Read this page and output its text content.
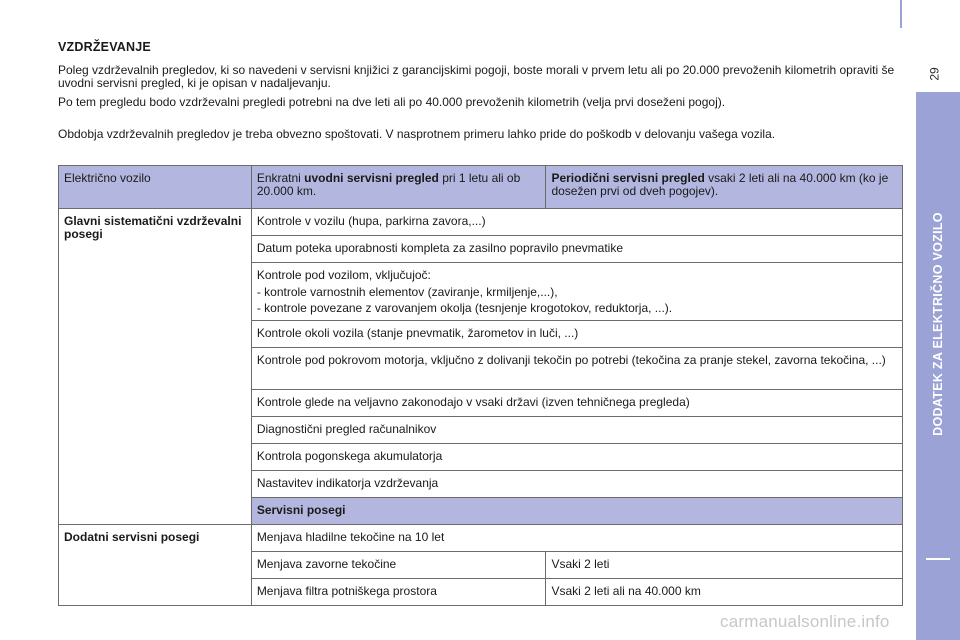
VZDRŽEVANJE

Poleg vzdrževalnih pregledov, ki so navedeni v servisni knjižici z garancijskimi pogoji, boste morali v prvem letu ali po 20.000 prevoženih kilometrih opraviti še uvodni servisni pregled, ki je opisan v nadaljevanju.

Po tem pregledu bodo vzdrževalni pregledi potrebni na dve leti ali po 40.000 prevoženih kilometrih (velja prvi doseženi pogoj).

Obdobja vzdrževalnih pregledov je treba obvezno spoštovati. V nasprotnem primeru lahko pride do poškodb v delovanju vašega vozila.

Električno vozilo	Enkratni uvodni servisni pregled pri 1 letu ali ob 20.000 km.	Periodični servisni pregled vsaki 2 leti ali na 40.000 km (ko je dosežen prvi od dveh pogojev).
Glavni sistematični vzdrževalni posegi	Kontrole v vozilu (hupa, parkirna zavora,...)	
	Datum poteka uporabnosti kompleta za zasilno popravilo pnevmatike	
	Kontrole pod vozilom, vključujoč:
- kontrole varnostnih elementov (zaviranje, krmiljenje,...),
- kontrole povezane z varovanjem okolja (tesnjenje krogotokov, reduktorja, ...).	

	Kontrole okoli vozila (stanje pnevmatik, žarometov in luči, ...)	
	Kontrole pod pokrovom motorja, vključno z dolivanji tekočin po potrebi (tekočina za pranje stekel, zavorna tekočina, ...)	
	Kontrole glede na veljavno zakonodajo v vsaki državi (izven tehničnega pregleda)	
	Diagnostični pregled računalnikov	
	Kontrola pogonskega akumulatorja	
	Nastavitev indikatorja vzdrževanja	
	Servisni posegi	
Dodatni servisni posegi	Menjava hladilne tekočine na 10 let	
	Menjava zavorne tekočine	Vsaki 2 leti
	Menjava filtra potniškega prostora	Vsaki 2 leti ali na 40.000 km
29
DODATEK ZA ELEKTRIČNO VOZILO
carmanualsonline.info
